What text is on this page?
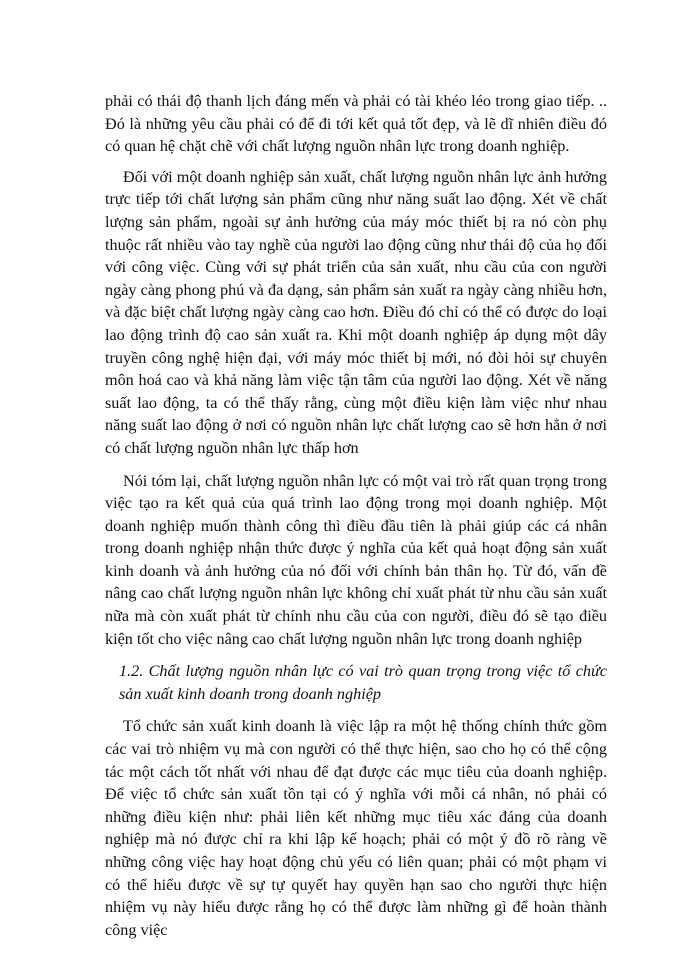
phải có thái độ thanh lịch đáng mến và phải có tài khéo léo trong giao tiếp. .. Đó là những yêu cầu phải có để đi tới kết quả tốt đẹp, và lẽ dĩ nhiên điều đó có quan hệ chặt chẽ với chất lượng nguồn nhân lực trong doanh nghiệp.

Đối với một doanh nghiệp sản xuất, chất lượng nguồn nhân lực ảnh hưởng trực tiếp tới chất lượng sản phẩm cũng như năng suất lao động. Xét về chất lượng sản phẩm, ngoài sự ảnh hưởng của máy móc thiết bị ra nó còn phụ thuộc rất nhiều vào tay nghề của người lao động cũng như thái độ của họ đối với công việc. Cùng với sự phát triển của sản xuất, nhu cầu của con người ngày càng phong phú và đa dạng, sản phẩm sản xuất ra ngày càng nhiều hơn, và đặc biệt chất lượng ngày càng cao hơn. Điều đó chỉ có thể có được do loại lao động trình độ cao sản xuất ra. Khi một doanh nghiệp áp dụng một dây truyền công nghệ hiện đại, với máy móc thiết bị mới, nó đòi hỏi sự chuyên môn hoá cao và khả năng làm việc tận tâm của người lao động. Xét về năng suất lao động, ta có thể thấy rằng, cùng một điều kiện làm việc như nhau năng suất lao động ở nơi có nguồn nhân lực chất lượng cao sẽ hơn hẳn ở nơi có chất lượng nguồn nhân lực thấp hơn

Nói tóm lại, chất lượng nguồn nhân lực có một vai trò rất quan trọng trong việc tạo ra kết quả của quá trình lao động trong mọi doanh nghiệp. Một doanh nghiệp muốn thành công thì điều đầu tiên là phải giúp các cá nhân trong doanh nghiệp nhận thức được ý nghĩa của kết quả hoạt động sản xuất kinh doanh và ảnh hưởng của nó đối với chính bản thân họ. Từ đó, vấn đề nâng cao chất lượng nguồn nhân lực không chỉ xuất phát từ nhu cầu sản xuất nữa mà còn xuất phát từ chính nhu cầu của con người, điều đó sẽ tạo điều kiện tốt cho việc nâng cao chất lượng nguồn nhân lực trong doanh nghiệp

1.2. Chất lượng nguồn nhân lực có vai trò quan trọng trong việc tổ chức sản xuất kinh doanh trong doanh nghiệp

Tổ chức sản xuất kinh doanh là việc lập ra một hệ thống chính thức gồm các vai trò nhiệm vụ mà con người có thể thực hiện, sao cho họ có thể cộng tác một cách tốt nhất với nhau để đạt được các mục tiêu của doanh nghiệp. Để việc tổ chức sản xuất tồn tại có ý nghĩa với mỗi cá nhân, nó phải có những điều kiện như: phải liên kết những mục tiêu xác đáng của doanh nghiệp mà nó được chỉ ra khi lập kế hoạch; phải có một ý đồ rõ ràng về những công việc hay hoạt động chủ yếu có liên quan; phải có một phạm vi có thể hiểu được về sự tự quyết hay quyền hạn sao cho người thực hiện nhiệm vụ này hiểu được rằng họ có thể được làm những gì để hoàn thành công việc
